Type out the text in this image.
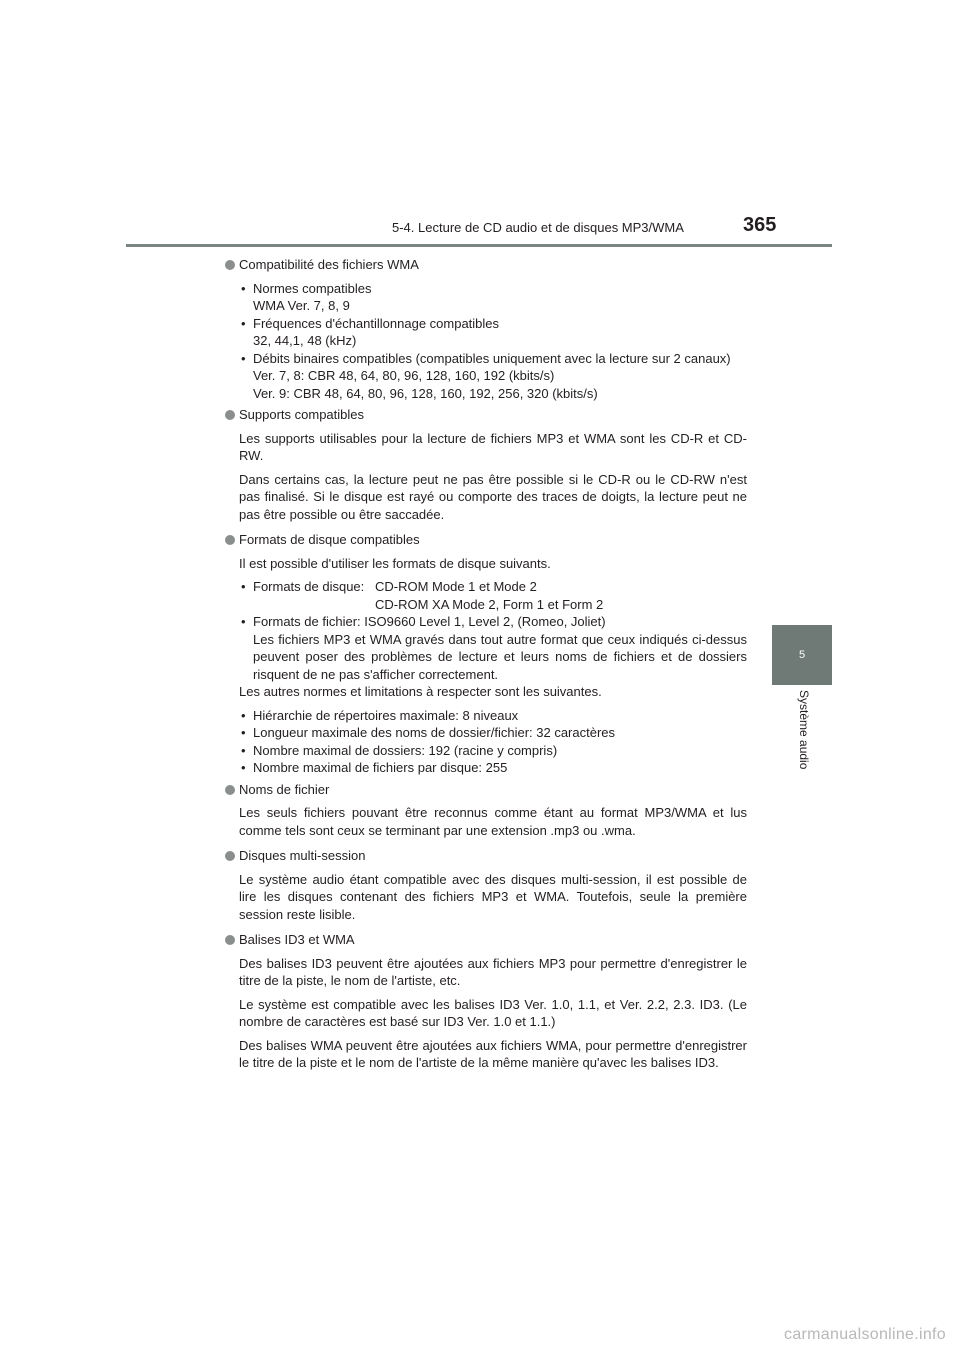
5-4. Lecture de CD audio et de disques MP3/WMA	365
5
Système audio
Compatibilité des fichiers WMA
• Normes compatibles
WMA Ver. 7, 8, 9
• Fréquences d'échantillonnage compatibles
32, 44,1, 48 (kHz)
• Débits binaires compatibles (compatibles uniquement avec la lecture sur 2 canaux)
Ver. 7, 8: CBR 48, 64, 80, 96, 128, 160, 192 (kbits/s)
Ver. 9: CBR 48, 64, 80, 96, 128, 160, 192, 256, 320 (kbits/s)
Supports compatibles
Les supports utilisables pour la lecture de fichiers MP3 et WMA sont les CD-R et CD-RW.
Dans certains cas, la lecture peut ne pas être possible si le CD-R ou le CD-RW n'est pas finalisé. Si le disque est rayé ou comporte des traces de doigts, la lecture peut ne pas être possible ou être saccadée.
Formats de disque compatibles
Il est possible d'utiliser les formats de disque suivants.
• Formats de disque: CD-ROM Mode 1 et Mode 2
CD-ROM XA Mode 2, Form 1 et Form 2
• Formats de fichier: ISO9660 Level 1, Level 2, (Romeo, Joliet)
Les fichiers MP3 et WMA gravés dans tout autre format que ceux indiqués ci-dessus peuvent poser des problèmes de lecture et leurs noms de fichiers et de dossiers risquent de ne pas s'afficher correctement.
Les autres normes et limitations à respecter sont les suivantes.
• Hiérarchie de répertoires maximale: 8 niveaux
• Longueur maximale des noms de dossier/fichier: 32 caractères
• Nombre maximal de dossiers: 192 (racine y compris)
• Nombre maximal de fichiers par disque: 255
Noms de fichier
Les seuls fichiers pouvant être reconnus comme étant au format MP3/WMA et lus comme tels sont ceux se terminant par une extension .mp3 ou .wma.
Disques multi-session
Le système audio étant compatible avec des disques multi-session, il est possible de lire les disques contenant des fichiers MP3 et WMA. Toutefois, seule la première session reste lisible.
Balises ID3 et WMA
Des balises ID3 peuvent être ajoutées aux fichiers MP3 pour permettre d'enregistrer le titre de la piste, le nom de l'artiste, etc.
Le système est compatible avec les balises ID3 Ver. 1.0, 1.1, et Ver. 2.2, 2.3. ID3. (Le nombre de caractères est basé sur ID3 Ver. 1.0 et 1.1.)
Des balises WMA peuvent être ajoutées aux fichiers WMA, pour permettre d'enregistrer le titre de la piste et le nom de l'artiste de la même manière qu'avec les balises ID3.
carmanualsonline.info
